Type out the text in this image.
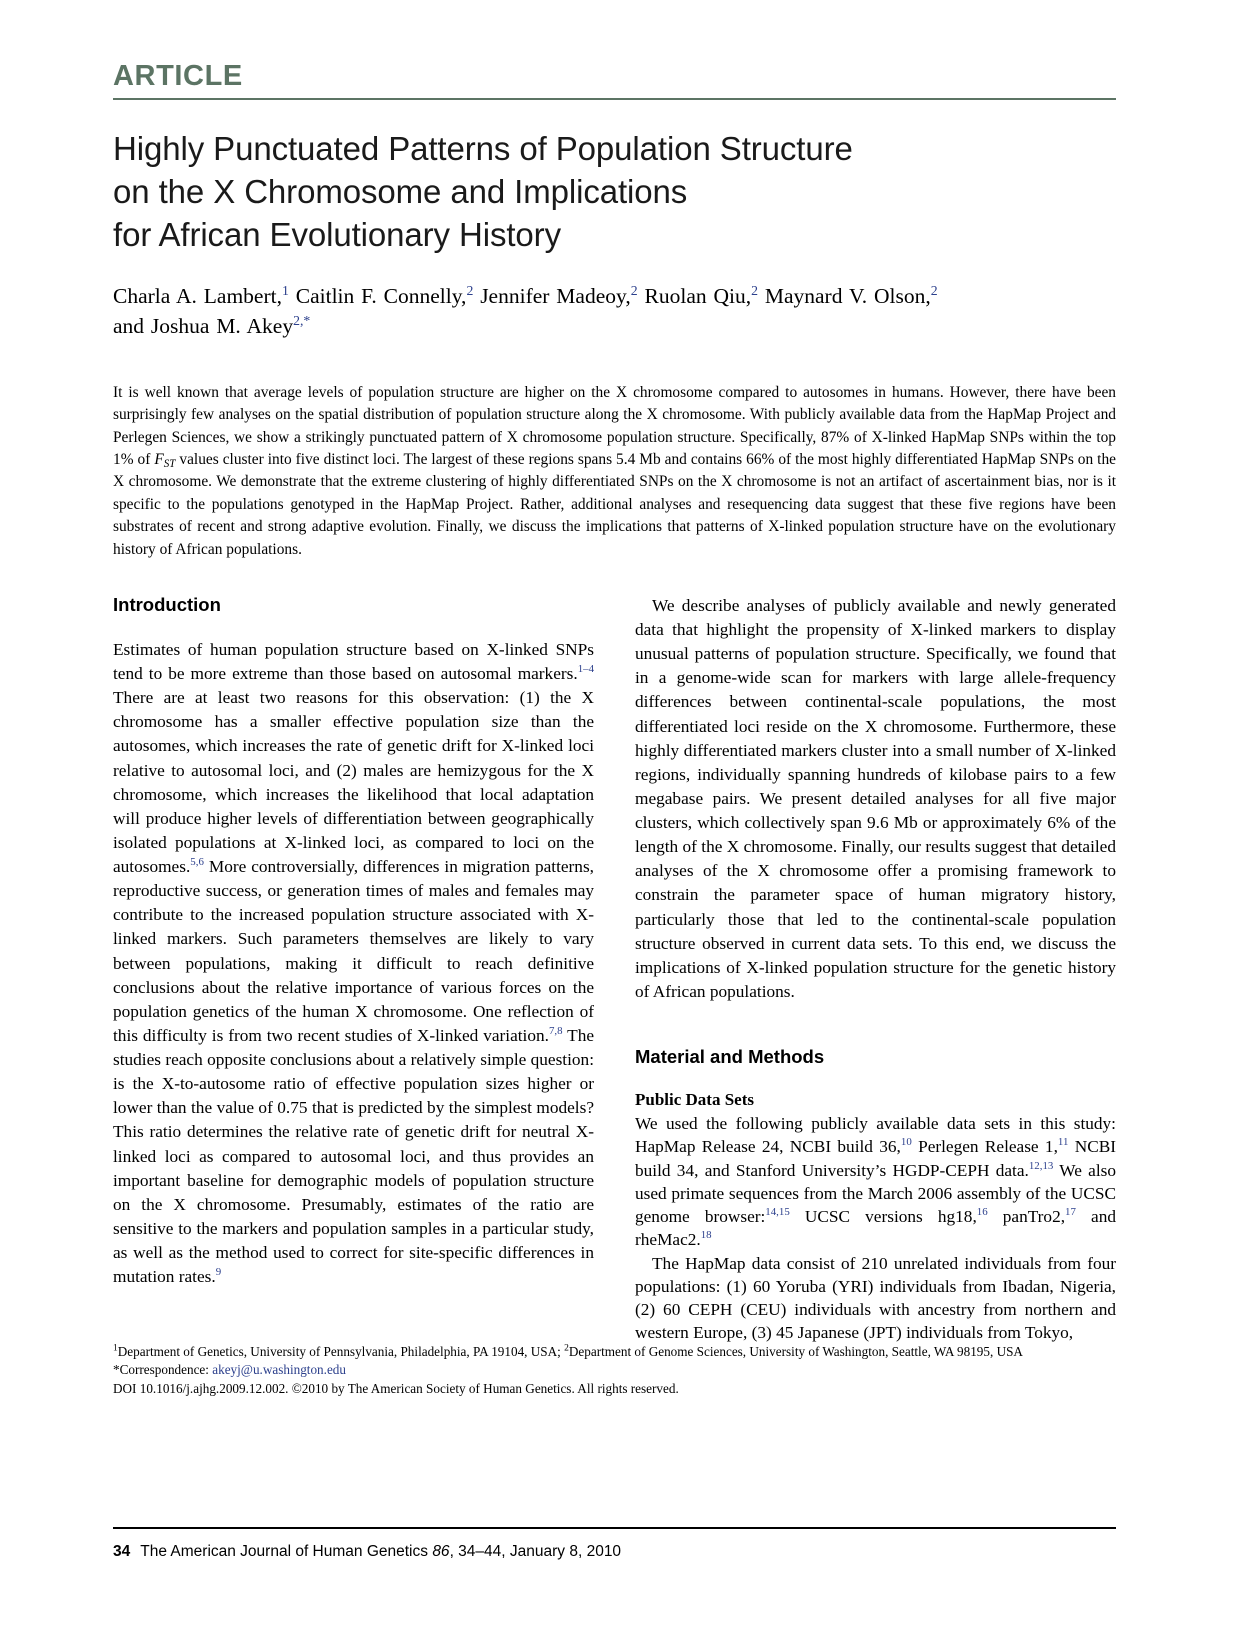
ARTICLE
Highly Punctuated Patterns of Population Structure
on the X Chromosome and Implications
for African Evolutionary History
Charla A. Lambert,$^1$ Caitlin F. Connelly,$^2$ Jennifer Madeoy,$^2$ Ruolan Qiu,$^2$ Maynard V. Olson,$^2$
and Joshua M. Akey$^{2,*}$
It is well known that average levels of population structure are higher on the X chromosome compared to autosomes in humans. However, there have been surprisingly few analyses on the spatial distribution of population structure along the X chromosome. With publicly available data from the HapMap Project and Perlegen Sciences, we show a strikingly punctuated pattern of X chromosome population structure. Specifically, 87% of X-linked HapMap SNPs within the top 1% of $F_{ST}$ values cluster into five distinct loci. The largest of these regions spans 5.4 Mb and contains 66% of the most highly differentiated HapMap SNPs on the X chromosome. We demonstrate that the extreme clustering of highly differentiated SNPs on the X chromosome is not an artifact of ascertainment bias, nor is it specific to the populations genotyped in the HapMap Project. Rather, additional analyses and resequencing data suggest that these five regions have been substrates of recent and strong adaptive evolution. Finally, we discuss the implications that patterns of X-linked population structure have on the evolutionary history of African populations.
Introduction

Estimates of human population structure based on X-linked SNPs tend to be more extreme than those based on autosomal markers.$^{1-4}$ There are at least two reasons for this observation: (1) the X chromosome has a smaller effective population size than the autosomes, which increases the rate of genetic drift for X-linked loci relative to autosomal loci, and (2) males are hemizygous for the X chromosome, which increases the likelihood that local adaptation will produce higher levels of differentiation between geographically isolated populations at X-linked loci, as compared to loci on the autosomes.$^{5,6}$ More controversially, differences in migration patterns, reproductive success, or generation times of males and females may contribute to the increased population structure associated with X-linked markers. Such parameters themselves are likely to vary between populations, making it difficult to reach definitive conclusions about the relative importance of various forces on the population genetics of the human X chromosome. One reflection of this difficulty is from two recent studies of X-linked variation.$^{7,8}$ The studies reach opposite conclusions about a relatively simple question: is the X-to-autosome ratio of effective population sizes higher or lower than the value of 0.75 that is predicted by the simplest models? This ratio determines the relative rate of genetic drift for neutral X-linked loci as compared to autosomal loci, and thus provides an important baseline for demographic models of population structure on the X chromosome. Presumably, estimates of the ratio are sensitive to the markers and population samples in a particular study, as well as the method used to correct for site-specific differences in mutation rates.$^9$

We describe analyses of publicly available and newly generated data that highlight the propensity of X-linked markers to display unusual patterns of population structure. Specifically, we found that in a genome-wide scan for markers with large allele-frequency differences between continental-scale populations, the most differentiated loci reside on the X chromosome. Furthermore, these highly differentiated markers cluster into a small number of X-linked regions, individually spanning hundreds of kilobase pairs to a few megabase pairs. We present detailed analyses for all five major clusters, which collectively span 9.6 Mb or approximately 6% of the length of the X chromosome. Finally, our results suggest that detailed analyses of the X chromosome offer a promising framework to constrain the parameter space of human migratory history, particularly those that led to the continental-scale population structure observed in current data sets. To this end, we discuss the implications of X-linked population structure for the genetic history of African populations.

Material and Methods
Public Data Sets

We used the following publicly available data sets in this study: HapMap Release 24, NCBI build 36,10 Perlegen Release 1,11 NCBI build 34, and Stanford University’s HGDP-CEPH data.$^{12,13}$ We also used primate sequences from the March 2006 assembly of the UCSC genome browser:$^{14,15}$ UCSC versions hg18,16 panTro2,17 and rheMac2.18

The HapMap data consist of 210 unrelated individuals from four populations: (1) 60 Yoruba (YRI) individuals from Ibadan, Nigeria, (2) 60 CEPH (CEU) individuals with ancestry from northern and western Europe, (3) 45 Japanese (JPT) individuals from Tokyo,

$^1$Department of Genetics, University of Pennsylvania, Philadelphia, PA 19104, USA; $^2$Department of Genome Sciences, University of Washington, Seattle, WA 98195, USA

*Correspondence: akeyj@u.washington.edu

DOI 10.1016/j.ajhg.2009.12.002. ©2010 by The American Society of Human Genetics. All rights reserved.

34 The American Journal of Human Genetics 86, 34–44, January 8, 2010
